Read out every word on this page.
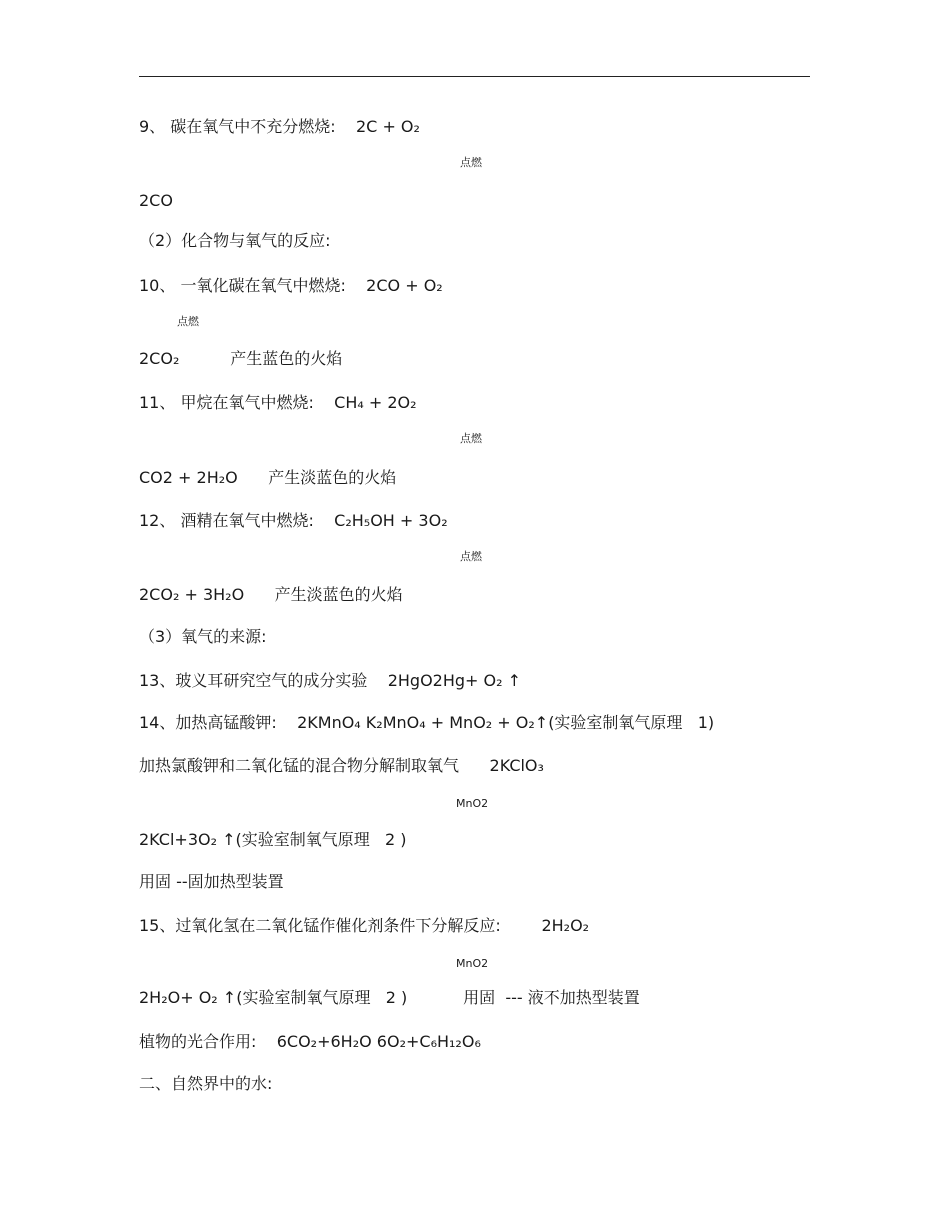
9、 碳在氧气中不充分燃烧:    2C + O₂
点燃
2CO
（2）化合物与氧气的反应:
10、 一氧化碳在氧气中燃烧:    2CO + O₂
点燃
2CO₂          产生蓝色的火焰
11、 甲烷在氧气中燃烧:    CH₄ + 2O₂
点燃
CO2 + 2H₂O      产生淡蓝色的火焰
12、 酒精在氧气中燃烧:    C₂H₅OH + 3O₂
点燃
2CO₂ + 3H₂O      产生淡蓝色的火焰
（3）氧气的来源:
13、玻义耳研究空气的成分实验    2HgO2Hg+ O₂ ↑
14、加热高锰酸钾:    2KMnO₄ K₂MnO₄ + MnO₂ + O₂↑(实验室制氧气原理   1)
加热氯酸钾和二氧化锰的混合物分解制取氧气      2KClO₃
MnO2
2KCl+3O₂ ↑(实验室制氧气原理   2 )
用固 --固加热型装置
15、过氧化氢在二氧化锰作催化剂条件下分解反应:        2H₂O₂
MnO2
2H₂O+ O₂ ↑(实验室制氧气原理   2 )           用固  --- 液不加热型装置
植物的光合作用:    6CO₂+6H₂O 6O₂+C₆H₁₂O₆
二、自然界中的水:
